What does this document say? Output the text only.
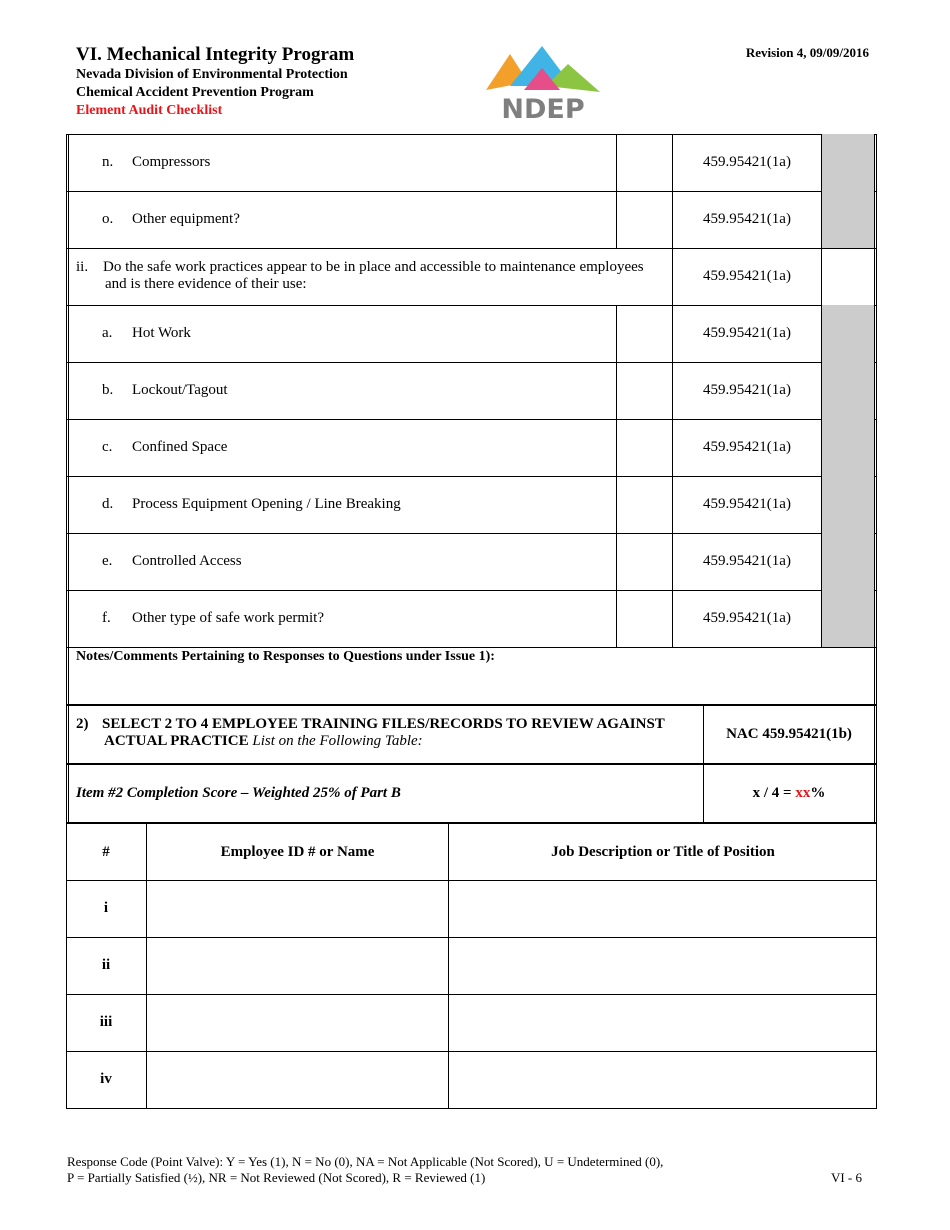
VI. Mechanical Integrity Program
Nevada Division of Environmental Protection
Chemical Accident Prevention Program
Element Audit Checklist
Revision 4, 09/09/2016
NDEP
n. Compressors	459.95421(1a)
o. Other equipment?	459.95421(1a)
ii. Do the safe work practices appear to be in place and accessible to maintenance employees
and is there evidence of their use:	459.95421(1a)
a. Hot Work	459.95421(1a)
b. Lockout/Tagout	459.95421(1a)
c. Confined Space	459.95421(1a)
d. Process Equipment Opening / Line Breaking	459.95421(1a)
e. Controlled Access	459.95421(1a)
f. Other type of safe work permit?	459.95421(1a)
Notes/Comments Pertaining to Responses to Questions under Issue 1):
2) SELECT 2 TO 4 EMPLOYEE TRAINING FILES/RECORDS TO REVIEW AGAINST
ACTUAL PRACTICE List on the Following Table:	NAC 459.95421(1b)
Item #2 Completion Score – Weighted 25% of Part B	x / 4 = xx %
#	Employee ID # or Name	Job Description or Title of Position
i
ii
iii
iv
Response Code (Point Valve): Y = Yes (1), N = No (0), NA = Not Applicable (Not Scored), U = Undetermined (0),
P = Partially Satisfied (½), NR = Not Reviewed (Not Scored), R = Reviewed (1)	VI - 6
